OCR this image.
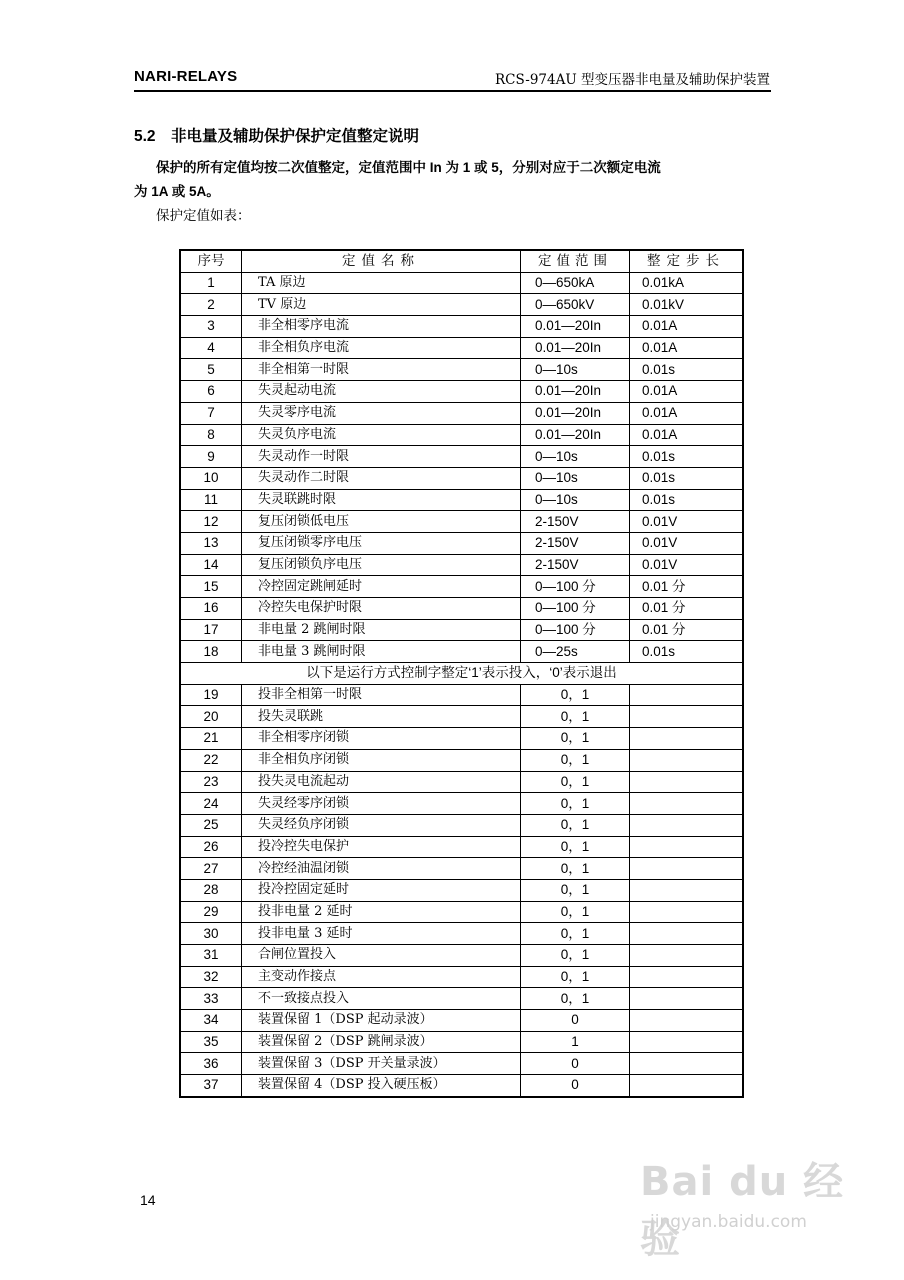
NARI-RELAYS	RCS-974AU 型变压器非电量及辅助保护装置
5.2　非电量及辅助保护保护定值整定说明
保护的所有定值均按二次值整定，定值范围中 In 为 1 或 5，分别对应于二次额定电流
为 1A 或 5A。
保护定值如表：
序号	定值名称	定值范围	整定步长
1	TA 原边	0—650kA	0.01kA
2	TV 原边	0—650kV	0.01kV
3	非全相零序电流	0.01—20In	0.01A
4	非全相负序电流	0.01—20In	0.01A
5	非全相第一时限	0—10s	0.01s
6	失灵起动电流	0.01—20In	0.01A
7	失灵零序电流	0.01—20In	0.01A
8	失灵负序电流	0.01—20In	0.01A
9	失灵动作一时限	0—10s	0.01s
10	失灵动作二时限	0—10s	0.01s
11	失灵联跳时限	0—10s	0.01s
12	复压闭锁低电压	2-150V	0.01V
13	复压闭锁零序电压	2-150V	0.01V
14	复压闭锁负序电压	2-150V	0.01V
15	冷控固定跳闸延时	0—100 分	0.01 分
16	冷控失电保护时限	0—100 分	0.01 分
17	非电量 2 跳闸时限	0—100 分	0.01 分
18	非电量 3 跳闸时限	0—25s	0.01s
以下是运行方式控制字整定‘1’表示投入，‘0’表示退出			
19	投非全相第一时限	0，1	
20	投失灵联跳	0，1	
21	非全相零序闭锁	0，1	
22	非全相负序闭锁	0，1	
23	投失灵电流起动	0，1	
24	失灵经零序闭锁	0，1	
25	失灵经负序闭锁	0，1	
26	投冷控失电保护	0，1	
27	冷控经油温闭锁	0，1	
28	投冷控固定延时	0，1	
29	投非电量 2 延时	0，1	
30	投非电量 3 延时	0，1	
31	合闸位置投入	0，1	
32	主变动作接点	0，1	
33	不一致接点投入	0，1	
34	装置保留 1（DSP 起动录波）	0	
35	装置保留 2（DSP 跳闸录波）	1	
36	装置保留 3（DSP 开关量录波）	0	
37	装置保留 4（DSP 投入硬压板）	0	
14	Bai du 经验
jingyan.baidu.com
